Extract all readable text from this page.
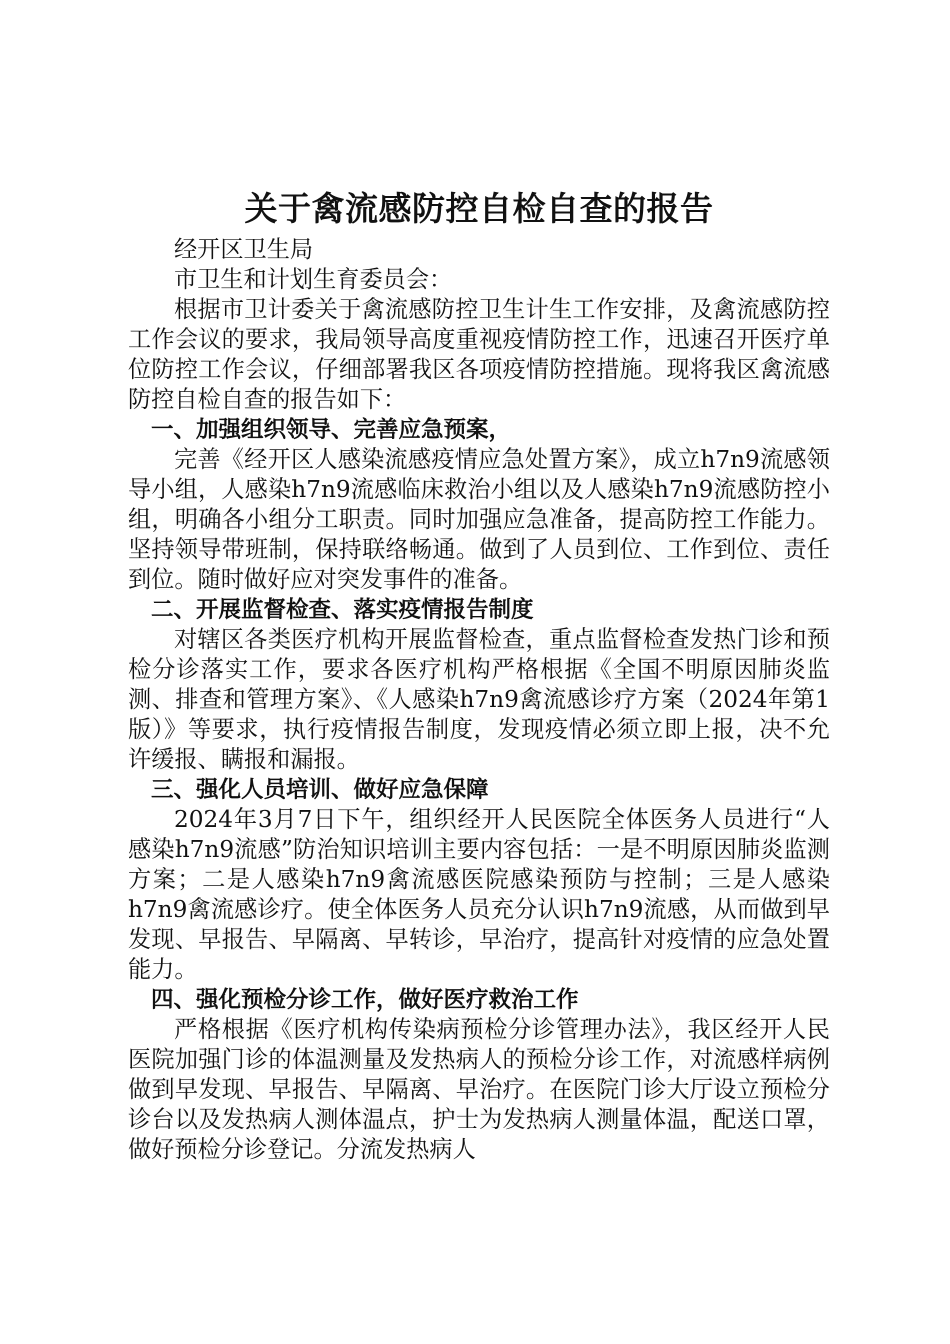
关于禽流感防控自检自查的报告

经开区卫生局

市卫生和计划生育委员会：

根据市卫计委关于禽流感防控卫生计生工作安排，及禽流感防控工作会议的要求，我局领导高度重视疫情防控工作，迅速召开医疗单位防控工作会议，仔细部署我区各项疫情防控措施。现将我区禽流感防控自检自查的报告如下：

一、加强组织领导、完善应急预案，

完善《经开区人感染流感疫情应急处置方案》，成立h7n9流感领导小组，人感染h7n9流感临床救治小组以及人感染h7n9流感防控小组，明确各小组分工职责。同时加强应急准备，提高防控工作能力。坚持领导带班制，保持联络畅通。做到了人员到位、工作到位、责任到位。随时做好应对突发事件的准备。

二、开展监督检查、落实疫情报告制度

对辖区各类医疗机构开展监督检查，重点监督检查发热门诊和预检分诊落实工作，要求各医疗机构严格根据《全国不明原因肺炎监测、排查和管理方案》、《人感染h7n9禽流感诊疗方案（2024年第1版）》等要求，执行疫情报告制度，发现疫情必须立即上报，决不允许缓报、瞒报和漏报。

三、强化人员培训、做好应急保障

2024年3月7日下午，组织经开人民医院全体医务人员进行“人感染h7n9流感”防治知识培训主要内容包括：一是不明原因肺炎监测方案；二是人感染h7n9禽流感医院感染预防与控制；三是人感染h7n9禽流感诊疗。使全体医务人员充分认识h7n9流感，从而做到早发现、早报告、早隔离、早转诊，早治疗，提高针对疫情的应急处置能力。

四、强化预检分诊工作，做好医疗救治工作

严格根据《医疗机构传染病预检分诊管理办法》，我区经开人民医院加强门诊的体温测量及发热病人的预检分诊工作，对流感样病例做到早发现、早报告、早隔离、早治疗。在医院门诊大厅设立预检分诊台以及发热病人测体温点，护士为发热病人测量体温，配送口罩，做好预检分诊登记。分流发热病人
